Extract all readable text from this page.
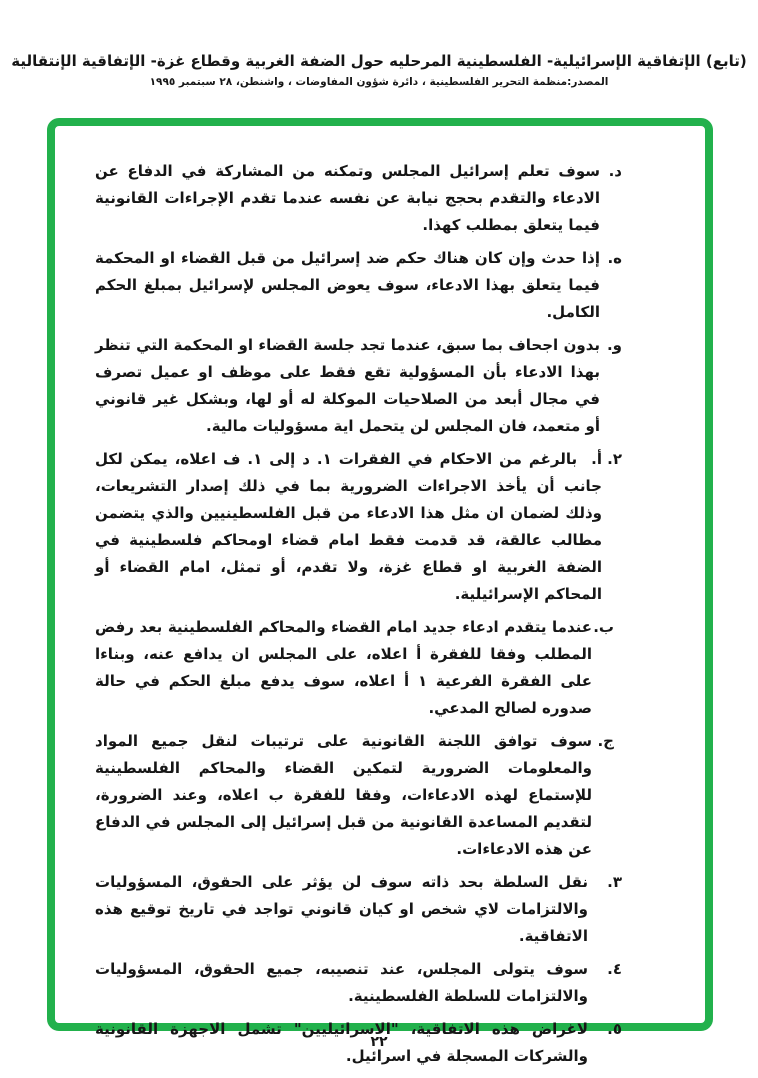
(تابع) الإتفاقية الإسرائيلية- الفلسطينية المرحليه حول الضفة الغربية وقطاع غزة- الإتفاقية الإنتقالية
المصدر:منظمة التحرير الفلسطينية ، دائرة شؤون المفاوضات ، واشنطن، ٢٨ سبتمبر ١٩٩٥
د.
سوف تعلم إسرائيل المجلس وتمكنه من المشاركة في الدفاع عن الادعاء والتقدم بحجج نيابة عن نفسه عندما تقدم الإجراءات القانونية فيما يتعلق بمطلب كهذا.
ه.
إذا حدث وإن كان هناك حكم ضد إسرائيل من قبل القضاء او المحكمة فيما يتعلق بهذا الادعاء، سوف يعوض المجلس لإسرائيل بمبلغ الحكم الكامل.
و.
بدون اجحاف بما سبق، عندما تجد جلسة القضاء او المحكمة التي تنظر بهذا الادعاء بأن المسؤولية تقع فقط على موظف او عميل تصرف في مجال أبعد من الصلاحيات الموكلة له أو لها، وبشكل غير قانوني أو متعمد، فان المجلس لن يتحمل اية مسؤوليات مالية.
٢.
أ.  بالرغم من الاحكام في الفقرات ١. د إلى ١. ف اعلاه، يمكن لكل جانب أن يأخذ الاجراءات الضرورية بما في ذلك إصدار التشريعات، وذلك لضمان ان مثل هذا الادعاء من قبل الفلسطينيين والذي يتضمن مطالب عالقة، قد قدمت فقط امام قضاء اومحاكم فلسطينية في الضفة الغربية او قطاع غزة، ولا تقدم، أو تمثل، امام القضاء أو المحاكم الإسرائيلية.
ب.
عندما يتقدم ادعاء جديد امام القضاء والمحاكم الفلسطينية بعد رفض المطلب وفقا للفقرة أ اعلاه، على المجلس ان يدافع عنه، وبناءا على الفقرة الفرعية ١ أ اعلاه، سوف يدفع مبلغ الحكم في حالة صدوره لصالح المدعي.
ج.
سوف توافق اللجنة القانونية على ترتيبات لنقل جميع المواد والمعلومات الضرورية لتمكين القضاء والمحاكم الفلسطينية للإستماع لهذه الادعاءات، وفقا للفقرة ب اعلاه، وعند الضرورة، لتقديم المساعدة القانونية من قبل إسرائيل إلى المجلس في الدفاع عن هذه الادعاءات.
٣.
نقل السلطة بحد ذاته سوف لن يؤثر على الحقوق، المسؤوليات والالتزامات لاي شخص او كيان قانوني تواجد في تاريخ توقيع هذه الاتفاقية.
٤.
سوف يتولى المجلس، عند تنصيبه، جميع الحقوق، المسؤوليات والالتزامات للسلطة الفلسطينية.
٥.
لاغراض هذه الاتفاقية، "الاسرائيليين" تشمل الاجهزة القانونية والشركات المسجلة في اسرائيل.
٢٢
